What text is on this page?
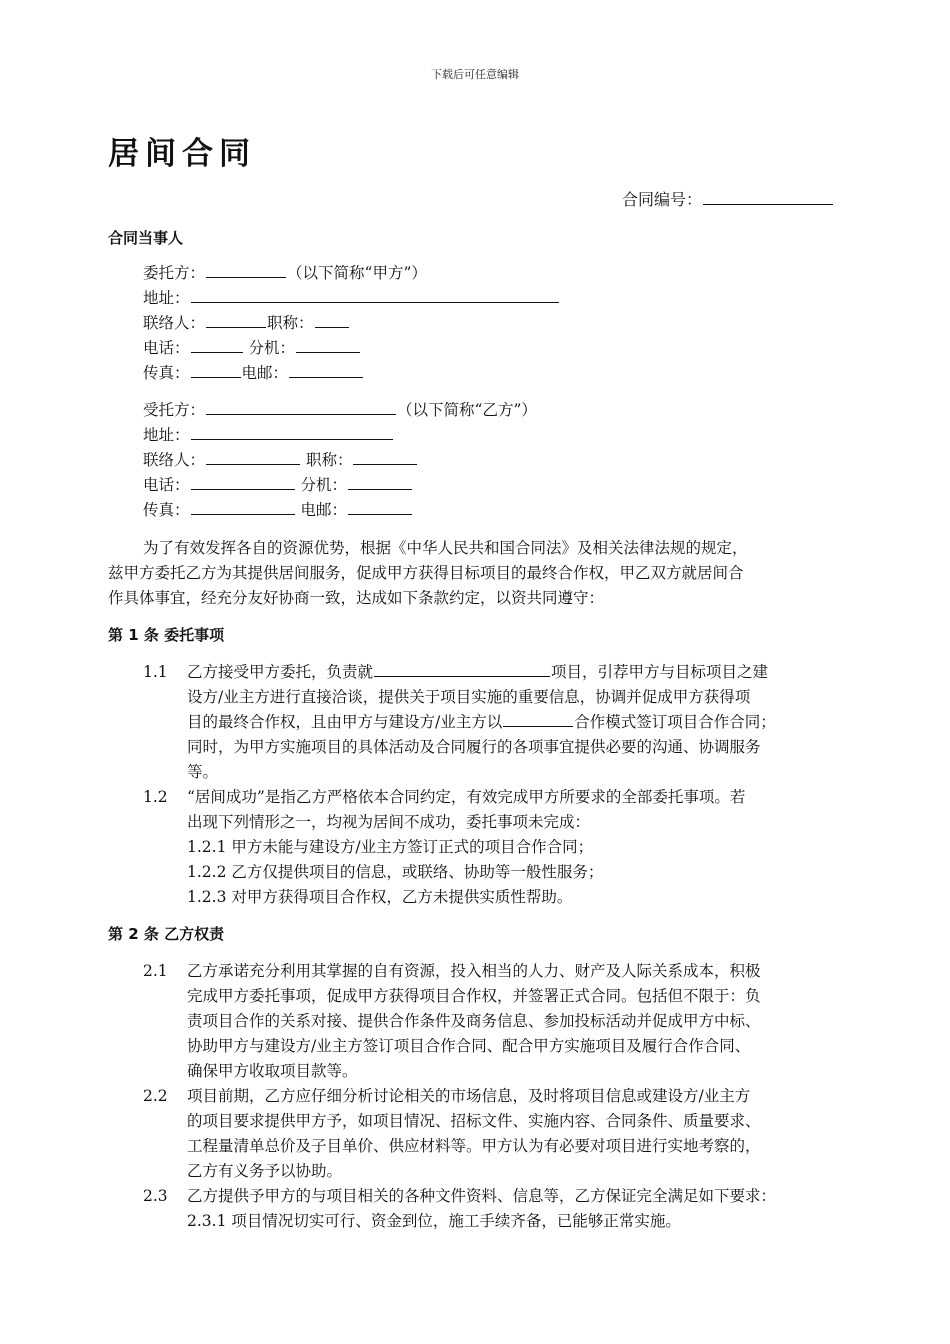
下载后可任意编辑
居间合同
合同编号：
合同当事人
委托方：	（以下简称“甲方”）
地址：
联络人：	职称：
电话：	分机：
传真：	电邮：
受托方：	（以下简称“乙方”）
地址：
联络人：	职称：
电话：	分机：
传真：	电邮：
为了有效发挥各自的资源优势，根据《中华人民共和国合同法》及相关法律法规的规定，
兹甲方委托乙方为其提供居间服务，促成甲方获得目标项目的最终合作权，甲乙双方就居间合
作具体事宜，经充分友好协商一致，达成如下条款约定，以资共同遵守：
第 1 条 委托事项
1.1 乙方接受甲方委托，负责就	项目，引荐甲方与目标项目之建
设方/业主方进行直接洽谈，提供关于项目实施的重要信息，协调并促成甲方获得项
目的最终合作权，且由甲方与建设方/业主方以	合作模式签订项目合作合同；
同时，为甲方实施项目的具体活动及合同履行的各项事宜提供必要的沟通、协调服务
等。
1.2 “居间成功”是指乙方严格依本合同约定，有效完成甲方所要求的全部委托事项。若
出现下列情形之一，均视为居间不成功，委托事项未完成：
1.2.1 甲方未能与建设方/业主方签订正式的项目合作合同；
1.2.2 乙方仅提供项目的信息，或联络、协助等一般性服务；
1.2.3 对甲方获得项目合作权，乙方未提供实质性帮助。
第 2 条 乙方权责
2.1 乙方承诺充分利用其掌握的自有资源，投入相当的人力、财产及人际关系成本，积极
完成甲方委托事项，促成甲方获得项目合作权，并签署正式合同。包括但不限于：负
责项目合作的关系对接、提供合作条件及商务信息、参加投标活动并促成甲方中标、
协助甲方与建设方/业主方签订项目合作合同、配合甲方实施项目及履行合作合同、
确保甲方收取项目款等。
2.2 项目前期，乙方应仔细分析讨论相关的市场信息，及时将项目信息或建设方/业主方
的项目要求提供甲方予，如项目情况、招标文件、实施内容、合同条件、质量要求、
工程量清单总价及子目单价、供应材料等。甲方认为有必要对项目进行实地考察的，
乙方有义务予以协助。
2.3 乙方提供予甲方的与项目相关的各种文件资料、信息等，乙方保证完全满足如下要求：
2.3.1 项目情况切实可行、资金到位，施工手续齐备，已能够正常实施。
